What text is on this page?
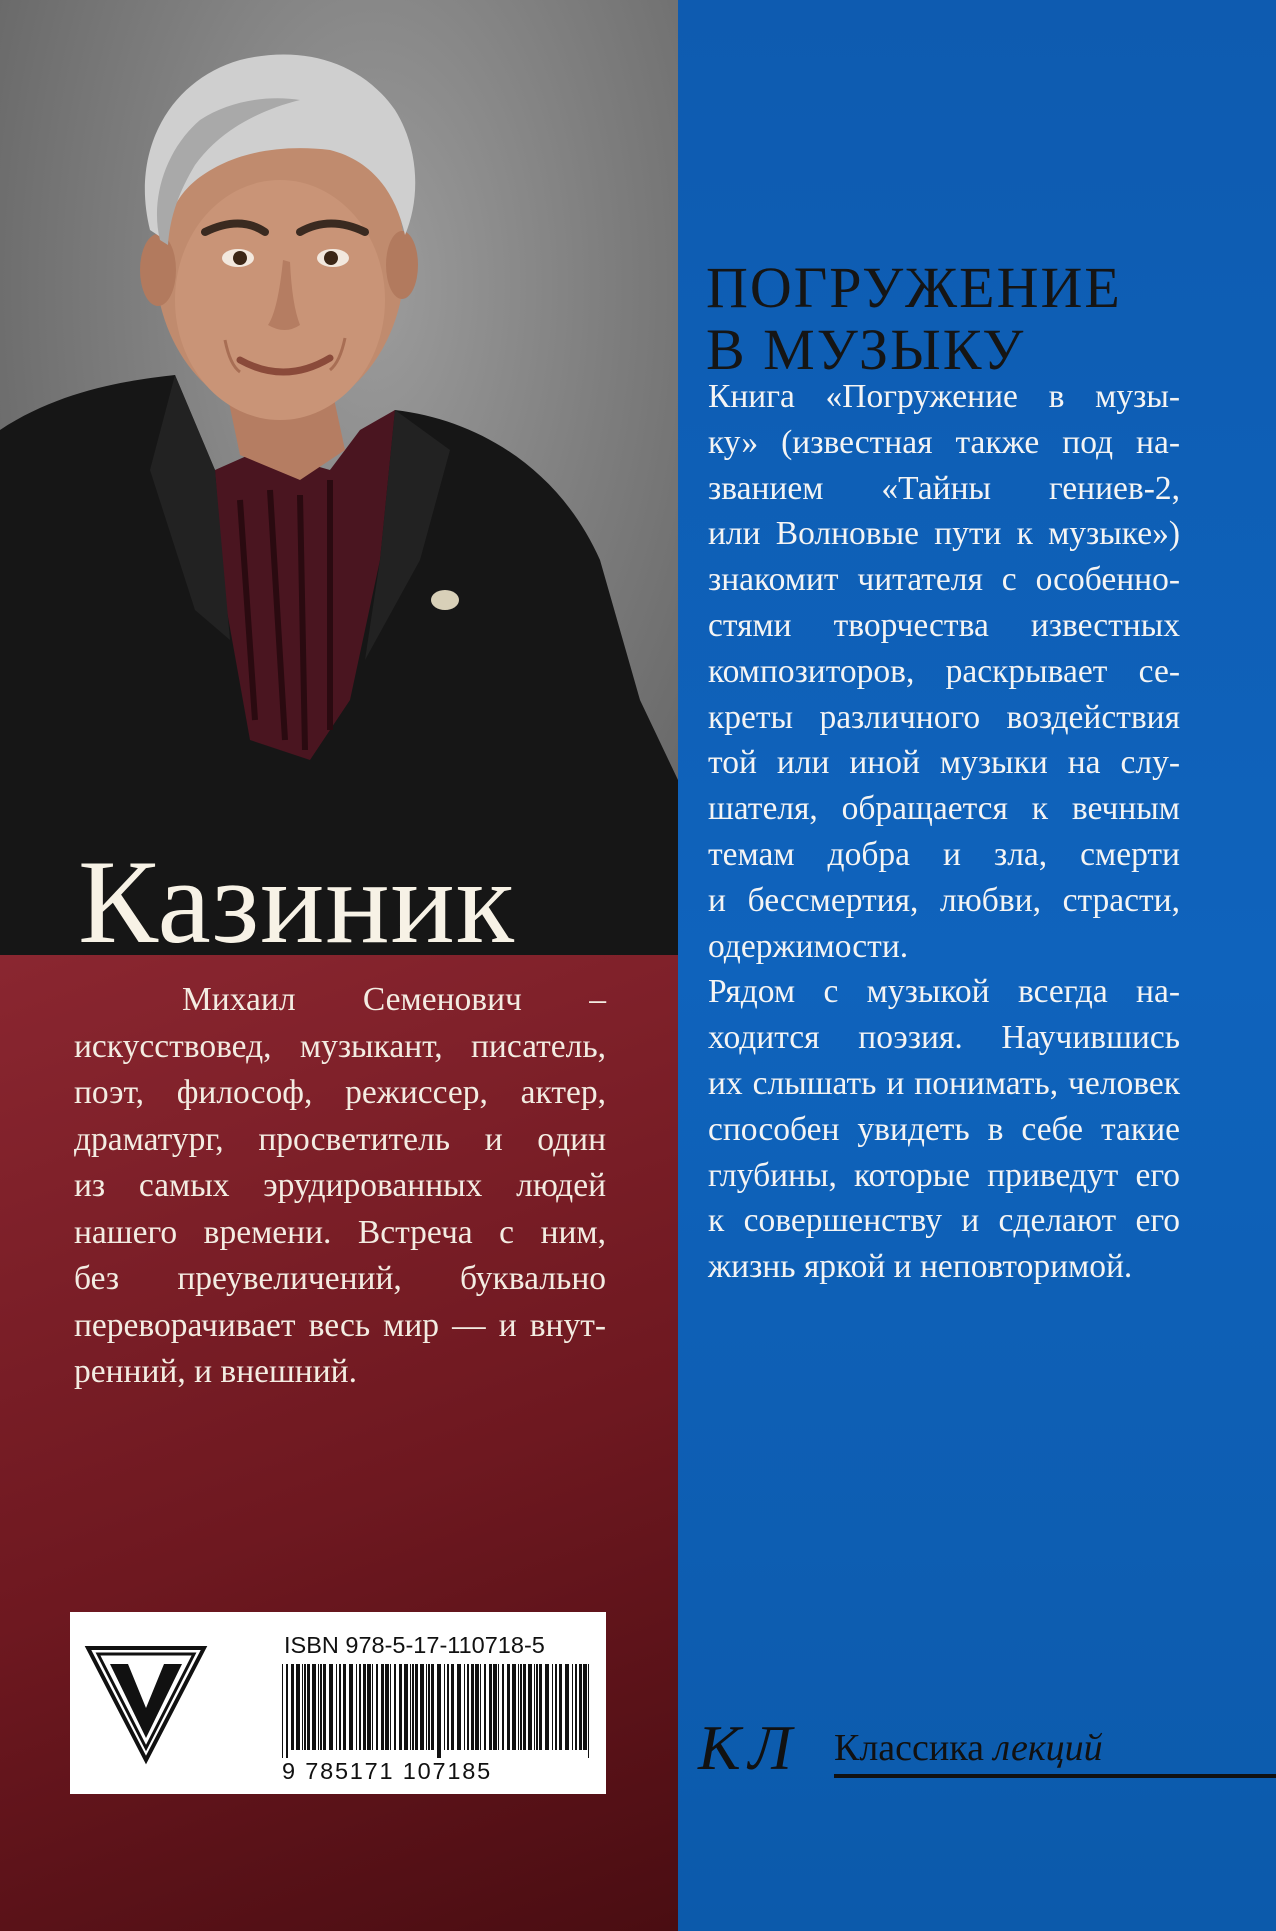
Казиник
Михаил Семенович –
искусствовед, музыкант, писатель,
поэт, философ, режиссер, актер,
драматург, просветитель и один
из самых эрудированных людей
нашего времени. Встреча с ним,
без преувеличений, буквально
переворачивает весь мир — и внут-
ренний, и внешний.
ISBN 978-5-17-110718-5
9 785171 107185
ПОГРУЖЕНИЕ
В МУЗЫКУ
Книга «Погружение в музы-
ку» (известная также под на-
званием «Тайны гениев-2,
или Волновые пути к музыке»)
знакомит читателя с особенно-
стями творчества известных
композиторов, раскрывает се-
креты различного воздействия
той или иной музыки на слу-
шателя, обращается к вечным
темам добра и зла, смерти
и бессмертия, любви, страсти,
одержимости.
Рядом с музыкой всегда на-
ходится поэзия. Научившись
их слышать и понимать, человек
способен увидеть в себе такие
глубины, которые приведут его
к совершенству и сделают его
жизнь яркой и неповторимой.
К Л Классика лекций
